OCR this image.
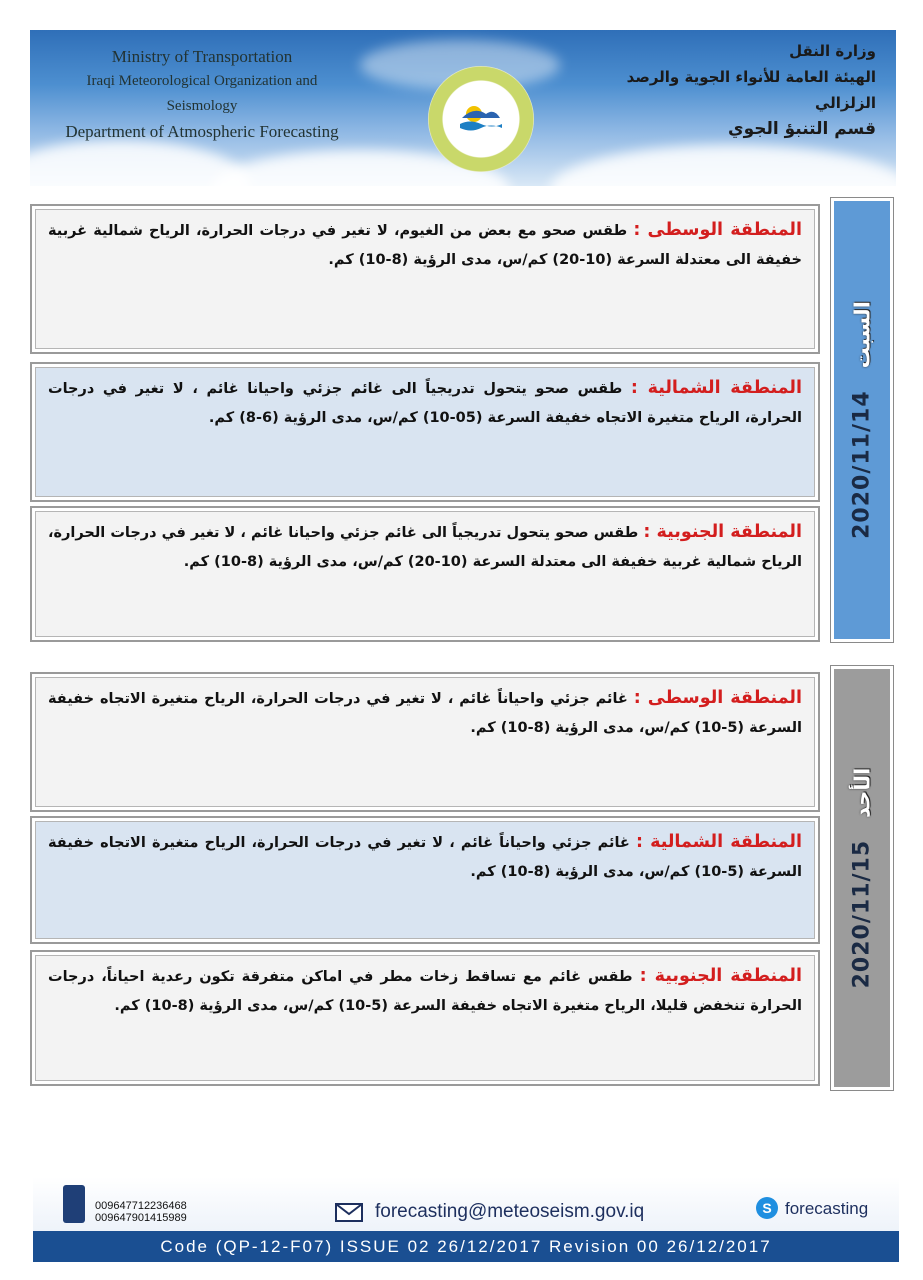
Ministry of Transportation
Iraqi Meteorological Organization and Seismology
Department of Atmospheric Forecasting
وزارة النقل
الهيئة العامة للأنواء الجوية والرصد الزلزالي
قسم التنبؤ الجوي
المنطقة الوسطى : طقس صحو مع بعض من الغيوم، لا تغير في درجات الحرارة، الرياح شمالية غربية خفيفة الى معتدلة السرعة (10-20) كم/س، مدى الرؤية (8-10) كم.
المنطقة الشمالية : طقس صحو يتحول تدريجياً الى غائم جزئي واحيانا غائم ، لا تغير في درجات الحرارة، الرياح متغيرة الاتجاه خفيفة السرعة (05-10) كم/س، مدى الرؤية (6-8) كم.
المنطقة الجنوبية : طقس صحو يتحول تدريجياً الى غائم جزئي واحيانا غائم ، لا تغير في درجات الحرارة، الرياح شمالية غربية خفيفة الى معتدلة السرعة (10-20) كم/س، مدى الرؤية (8-10) كم.
2020/11/14
السبت
المنطقة الوسطى : غائم جزئي واحياناً غائم ، لا تغير في درجات الحرارة، الرياح متغيرة الاتجاه خفيفة السرعة (5-10) كم/س، مدى الرؤية (8-10) كم.
المنطقة الشمالية : غائم جزئي واحياناً غائم ، لا تغير في درجات الحرارة، الرياح متغيرة الاتجاه خفيفة السرعة (5-10) كم/س، مدى الرؤية (8-10) كم.
المنطقة الجنوبية : طقس غائم مع تساقط زخات مطر في اماكن متفرقة تكون رعدية احياناً، درجات الحرارة تنخفض قليلا، الرياح متغيرة الاتجاه خفيفة السرعة (5-10) كم/س، مدى الرؤية (8-10) كم.
2020/11/15
الأحد
009647712236468
009647901415989	forecasting@meteoseism.gov.iq	S forecasting
Code (QP-12-F07) ISSUE 02 26/12/2017 Revision 00 26/12/2017
